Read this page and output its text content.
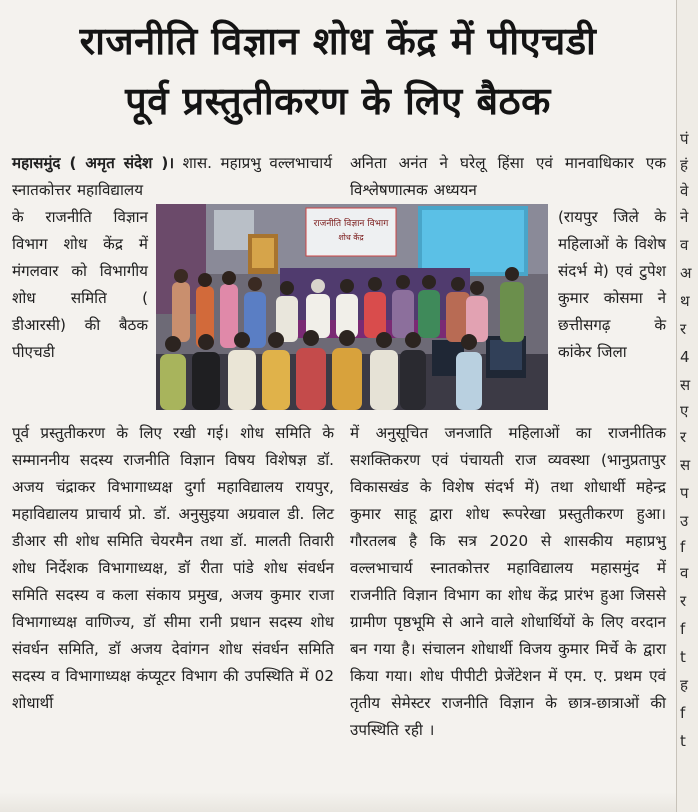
राजनीति विज्ञान शोध केंद्र में पीएचडी
पूर्व प्रस्तुतीकरण के लिए बैठक
महासमुंद ( अमृत संदेश )। शास. महाप्रभु वल्लभाचार्य स्नातकोत्तर महाविद्यालय
के राजनीति विज्ञान विभाग शोध केंद्र में मंगलवार को विभागीय शोध समिति ( डीआरसी) की बैठक पीएचडी
अनिता अनंत ने घरेलू हिंसा एवं मानवाधिकार एक विश्लेषणात्मक अध्ययन
(रायपुर जिले के महिलाओं के विशेष संदर्भ मे) एवं टुपेश कुमार कोसमा ने छत्तीसगढ़ के कांकेर जिला
राजनीति विज्ञान विभाग
शोध केंद्र
पूर्व प्रस्तुतीकरण के लिए रखी गई। शोध समिति के सम्माननीय सदस्य राजनीति विज्ञान विषय विशेषज्ञ डॉ. अजय चंद्राकर विभागाध्यक्ष दुर्गा महाविद्यालय रायपुर, महाविद्यालय प्राचार्य प्रो. डॉ. अनुसुइया अग्रवाल डी. लिट डीआर सी शोध समिति चेयरमैन तथा डॉ. मालती तिवारी शोध निर्देशक विभागाध्यक्ष, डॉ रीता पांडे शोध संवर्धन समिति सदस्य व कला संकाय प्रमुख, अजय कुमार राजा विभागाध्यक्ष वाणिज्य, डॉ सीमा रानी प्रधान सदस्य शोध संवर्धन समिति, डॉ अजय देवांगन शोध संवर्धन समिति सदस्य व विभागाध्यक्ष कंप्यूटर विभाग की उपस्थिति में 02 शोधार्थी
में अनुसूचित जनजाति महिलाओं का राजनीतिक सशक्तिकरण एवं पंचायती राज व्यवस्था (भानुप्रतापुर विकासखंड के विशेष संदर्भ में) तथा शोधार्थी महेन्द्र कुमार साहू द्वारा शोध रूपरेखा प्रस्तुतीकरण हुआ। गौरतलब है कि सत्र 2020 से शासकीय महाप्रभु वल्लभाचार्य स्नातकोत्तर महाविद्यालय महासमुंद में राजनीति विज्ञान विभाग का शोध केंद्र प्रारंभ हुआ जिससे ग्रामीण पृष्ठभूमि से आने वाले शोधार्थियों के लिए वरदान बन गया है। संचालन शोधार्थी विजय कुमार मिर्चे के द्वारा किया गया। शोध पीपीटी प्रेजेंटेशन में एम. ए. प्रथम एवं तृतीय सेमेस्टर राजनीति विज्ञान के छात्र-छात्राओं की उपस्थिति रही ।
पं
हं
वे
ने
व
अ
थ
र
4
स
ए
र
स
प
उ
f
व
र
f
t
ह
f
t
